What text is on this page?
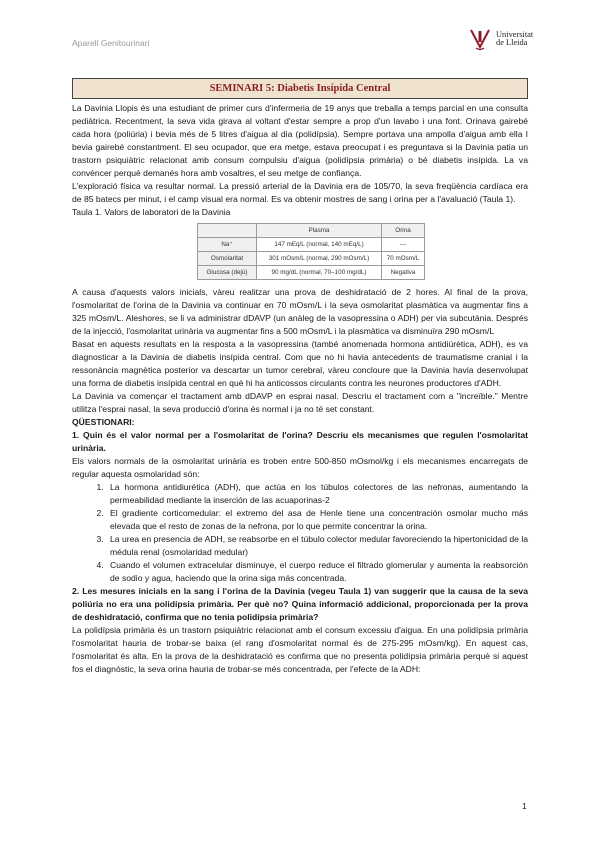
Aparell Genitourinari
Universitat
de Lleida
SEMINARI 5: Diabetis Insípida Central

La Davinia Llopis és una estudiant de primer curs d'infermeria de 19 anys que treballa a temps parcial en una consulta pediàtrica. Recentment, la seva vida girava al voltant d'estar sempre a prop d'un lavabo i una font. Orinava gairebé cada hora (poliúria) i bevia més de 5 litres d'aigua al dia (polidípsia). Sempre portava una ampolla d'aigua amb ella I bevia gairebé constantment. El seu ocupador, que era metge, estava preocupat i es preguntava si la Davinia patia un trastorn psiquiàtric relacionat amb consum compulsiu d'aigua (polidípsia primària) o bé diabetis insípida. La va convèncer perquè demanés hora amb vosaltres, el seu metge de confiança.

L'exploració física va resultar normal. La pressió arterial de la Davinia era de 105/70, la seva freqüència cardíaca era de 85 batecs per minut, i el camp visual era normal. Es va obtenir mostres de sang i orina per a l'avaluació (Taula 1).

Taula 1. Valors de laboratori de la Davinia
	Plasma	Orina
Na⁺	147 mEq/L (normal, 140 mEq/L)	---
Osmolaritat	301 mOsm/L (normal, 290 mOsm/L)	70 mOsm/L
Glucosa (dejú)	90 mg/dL (normal, 70–100 mg/dL)	Negativa

A causa d'aquests valors inicials, vàreu realitzar una prova de deshidratació de 2 hores. Al final de la prova, l'osmolaritat de l'orina de la Davinia va continuar en 70 mOsm/L i la seva osmolaritat plasmàtica va augmentar fins a 325 mOsm/L. Aleshores, se li va administrar dDAVP (un anàleg de la vasopressina o ADH) per via subcutània. Després de la injecció, l'osmolaritat urinària va augmentar fins a 500 mOsm/L i la plasmàtica va disminuïra 290 mOsm/L

Basat en aquests resultats en la resposta a la vasopressina (també anomenada hormona antidiürètica, ADH), es va diagnosticar a la Davinia de diabetis insípida central. Com que no hi havia antecedents de traumatisme cranial i la ressonància magnètica posterior va descartar un tumor cerebral, vàreu concloure que la Davinia havia desenvolupat una forma de diabetis insípida central en què hi ha anticossos circulants contra les neurones productores d'ADH.

La Davinia va començar el tractament amb dDAVP en esprai nasal. Descriu el tractament com a "increïble." Mentre utilitza l'esprai nasal, la seva producció d'orina és normal i ja no té set constant.

QÜESTIONARI:

1. Quin és el valor normal per a l'osmolaritat de l'orina? Descriu els mecanismes que regulen l'osmolaritat urinària.

Els valors normals de la osmolaritat urinària es troben entre 500-850 mOsmol/kg i els mecanismes encarregats de regular aquesta osmolaridad són:

1. La hormona antidiurética (ADH), que actúa en los túbulos colectores de las nefronas, aumentando la permeabilidad mediante la inserción de las acuaporinas-2
2. El gradiente corticomedular: el extremo del asa de Henle tiene una concentración osmolar mucho más elevada que el resto de zonas de la nefrona, por lo que permite concentrar la orina.
3. La urea en presencia de ADH, se reabsorbe en el túbulo colector medular favoreciendo la hipertonicidad de la médula renal (osmolaridad medular)
4. Cuando el volumen extracelular disminuye, el cuerpo reduce el filtrado glomerular y aumenta la reabsorción de sodio y agua, haciendo que la orina siga más concentrada.

2. Les mesures inicials en la sang i l'orina de la Davinia (vegeu Taula 1) van suggerir que la causa de la seva poliúria no era una polidípsia primària. Per què no? Quina informació addicional, proporcionada per la prova de deshidratació, confirma que no tenia polidípsia primària?

La polidípsia primària és un trastorn psiquiàtric relacionat amb el consum excessiu d'aigua. En una polidípsia primària l'osmolaritat hauria de trobar-se baixa (el rang d'osmolaritat normal és de 275-295 mOsm/kg). En aquest cas, l'osmolaritat és alta. En la prova de la deshidratació es confirma que no presenta polidípsia primària perquè si aquest fos el diagnòstic, la seva orina hauria de trobar-se més concentrada, per l'efecte de la ADH:

1
